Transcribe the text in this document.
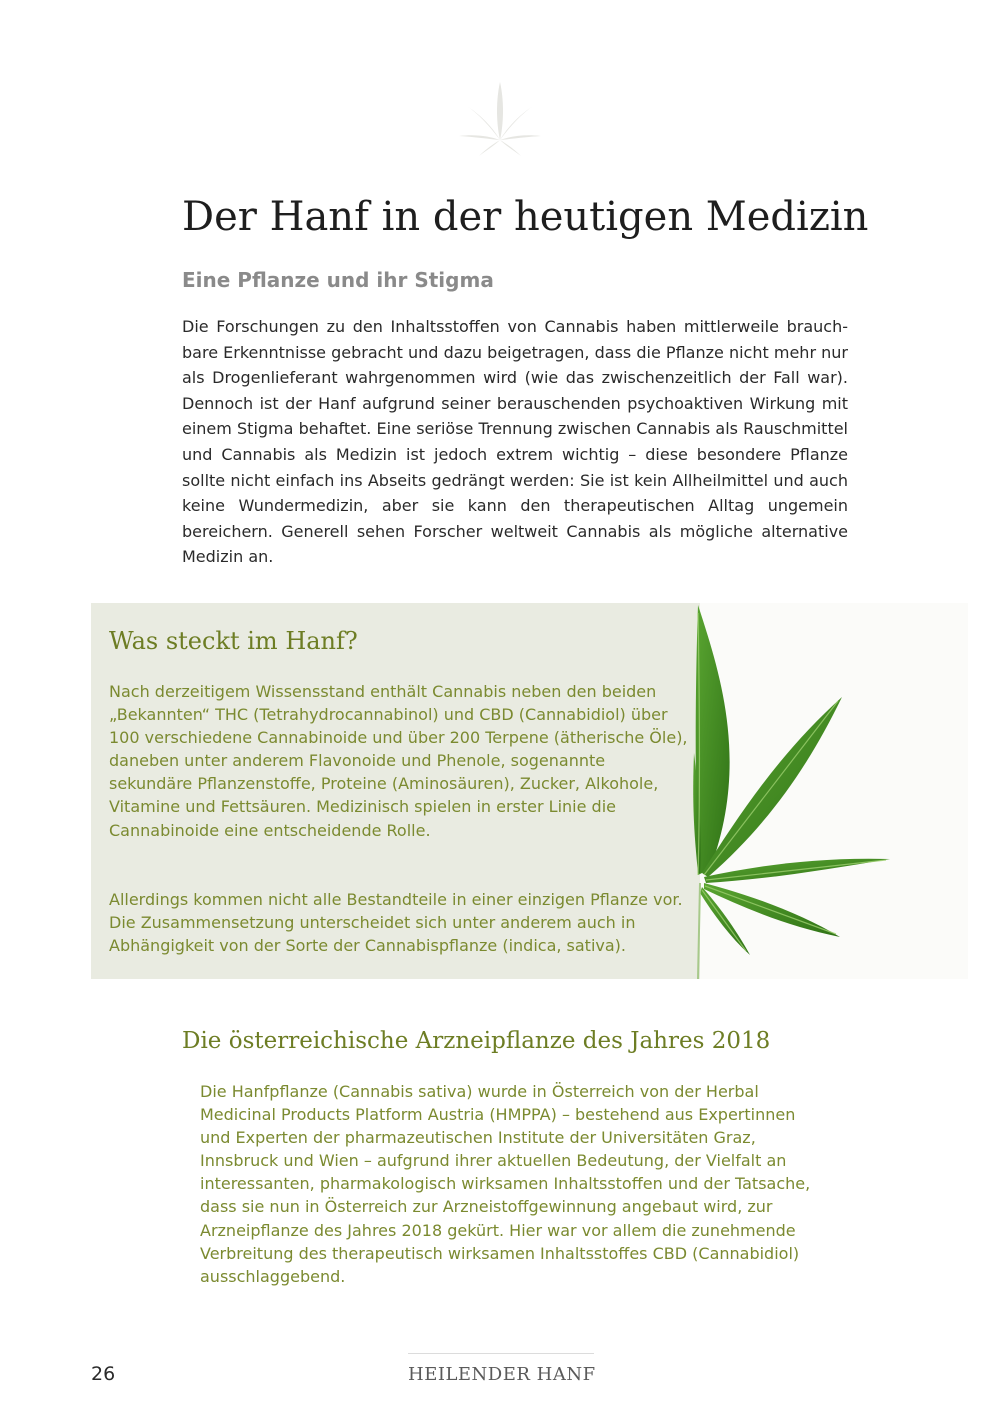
Der Hanf in der heutigen Medizin
Eine Pflanze und ihr Stigma

Die Forschungen zu den Inhaltsstoffen von Cannabis haben mittlerweile brauchbare Erkenntnisse gebracht und dazu beigetragen, dass die Pflanze nicht mehr nur als Drogenlieferant wahrgenommen wird (wie das zwischenzeitlich der Fall war). Dennoch ist der Hanf aufgrund seiner berauschenden psychoaktiven Wirkung mit einem Stigma behaftet. Eine seriöse Trennung zwischen Cannabis als Rauschmittel und Cannabis als Medizin ist jedoch extrem wichtig – diese besondere Pflanze sollte nicht einfach ins Abseits gedrängt werden: Sie ist kein Allheilmittel und auch keine Wundermedizin, aber sie kann den therapeutischen Alltag ungemein bereichern. Generell sehen Forscher weltweit Cannabis als mögliche alternative Medizin an.

Was steckt im Hanf?

Nach derzeitigem Wissensstand enthält Cannabis neben den beiden „Bekannten“ THC (Tetrahydrocannabinol) und CBD (Cannabidiol) über 100 verschiedene Cannabinoide und über 200 Terpene (ätherische Öle), daneben unter anderem Flavonoide und Phenole, sogenannte sekundäre Pflanzenstoffe, Proteine (Aminosäuren), Zucker, Alkohole, Vitamine und Fettsäuren. Medizinisch spielen in erster Linie die Cannabinoide eine entscheidende Rolle.

Allerdings kommen nicht alle Bestandteile in einer einzigen Pflanze vor. Die Zusammensetzung unterscheidet sich unter anderem auch in Abhängigkeit von der Sorte der Cannabispflanze (indica, sativa).

Die österreichische Arzneipflanze des Jahres 2018

Die Hanfpflanze (Cannabis sativa) wurde in Österreich von der Herbal Medicinal Products Platform Austria (HMPPA) – bestehend aus Expertinnen und Experten der pharmazeutischen Institute der Universitäten Graz, Innsbruck und Wien – aufgrund ihrer aktuellen Bedeutung, der Vielfalt an interessanten, pharmakologisch wirksamen Inhaltsstoffen und der Tatsache, dass sie nun in Österreich zur Arzneistoffgewinnung angebaut wird, zur Arzneipflanze des Jahres 2018 gekürt. Hier war vor allem die zunehmende Verbreitung des therapeutisch wirksamen Inhaltsstoffes CBD (Cannabidiol) ausschlaggebend.

26	HEILENDER HANF
